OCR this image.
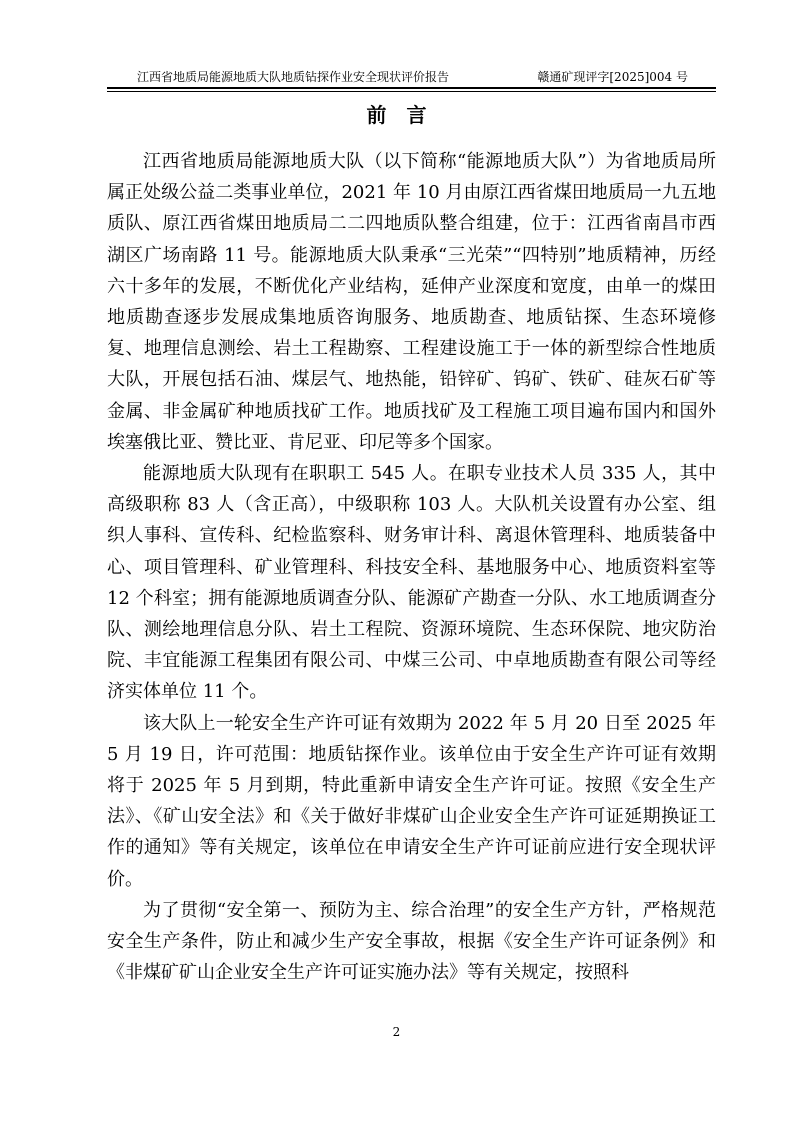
江西省地质局能源地质大队地质钻探作业安全现状评价报告	赣通矿现评字[2025]004 号
前言

江西省地质局能源地质大队（以下简称“能源地质大队”）为省地质局所属正处级公益二类事业单位，2021 年 10 月由原江西省煤田地质局一九五地质队、原江西省煤田地质局二二四地质队整合组建，位于：江西省南昌市西湖区广场南路 11 号。能源地质大队秉承“三光荣”“四特别”地质精神，历经六十多年的发展，不断优化产业结构，延伸产业深度和宽度，由单一的煤田地质勘查逐步发展成集地质咨询服务、地质勘查、地质钻探、生态环境修复、地理信息测绘、岩土工程勘察、工程建设施工于一体的新型综合性地质大队，开展包括石油、煤层气、地热能，铅锌矿、钨矿、铁矿、硅灰石矿等金属、非金属矿种地质找矿工作。地质找矿及工程施工项目遍布国内和国外埃塞俄比亚、赞比亚、肯尼亚、印尼等多个国家。

能源地质大队现有在职职工 545 人。在职专业技术人员 335 人，其中高级职称 83 人（含正高），中级职称 103 人。大队机关设置有办公室、组织人事科、宣传科、纪检监察科、财务审计科、离退休管理科、地质装备中心、项目管理科、矿业管理科、科技安全科、基地服务中心、地质资料室等 12 个科室；拥有能源地质调查分队、能源矿产勘查一分队、水工地质调查分队、测绘地理信息分队、岩土工程院、资源环境院、生态环保院、地灾防治院、丰宜能源工程集团有限公司、中煤三公司、中卓地质勘查有限公司等经济实体单位 11 个。

该大队上一轮安全生产许可证有效期为 2022 年 5 月 20 日至 2025 年 5 月 19 日，许可范围：地质钻探作业。该单位由于安全生产许可证有效期将于 2025 年 5 月到期，特此重新申请安全生产许可证。按照《安全生产法》、《矿山安全法》和《关于做好非煤矿山企业安全生产许可证延期换证工作的通知》等有关规定，该单位在申请安全生产许可证前应进行安全现状评价。

为了贯彻“安全第一、预防为主、综合治理”的安全生产方针，严格规范安全生产条件，防止和减少生产安全事故，根据《安全生产许可证条例》和《非煤矿矿山企业安全生产许可证实施办法》等有关规定，按照科

2
